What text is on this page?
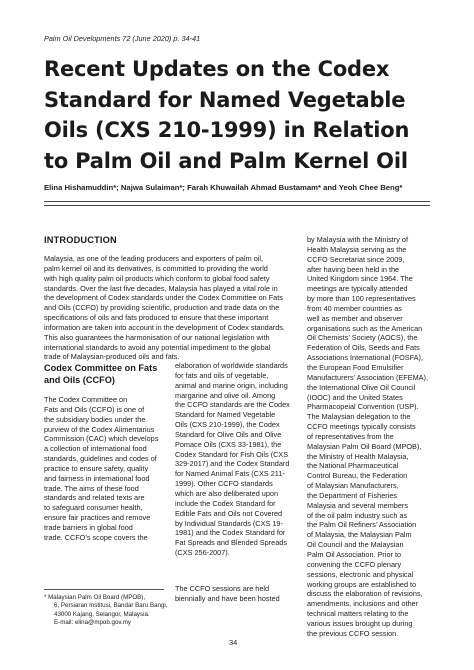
Palm Oil Developments 72 (June 2020) p. 34-41
Recent Updates on the Codex
Standard for Named Vegetable
Oils (CXS 210-1999) in Relation
to Palm Oil and Palm Kernel Oil
Elina Hishamuddin*; Najwa Sulaiman*; Farah Khuwailah Ahmad Bustamam* and Yeoh Chee Beng*
INTRODUCTION

Malaysia, as one of the leading producers and exporters of palm oil,
palm kernel oil and its derivatives, is committed to providing the world
with high quality palm oil products which conform to global food safety
standards. Over the last five decades, Malaysia has played a vital role in
the development of Codex standards under the Codex Committee on Fats
and Oils (CCFO) by providing scientific, production and trade data on the
specifications of oils and fats produced to ensure that these important
information are taken into account in the development of Codex standards.
This also guarantees the harmonisation of our national legislation with
international standards to avoid any potential impediment to the global
trade of Malaysian-produced oils and fats.

Codex Committee on Fats
and Oils (CCFO)

The Codex Committee on
Fats and Oils (CCFO) is one of
the subsidiary bodies under the
purview of the Codex Alimentarius
Commission (CAC) which develops
a collection of international food
standards, guidelines and codes of
practice to ensure safety, quality
and fairness in international food
trade. The aims of these food
standards and related texts are
to safeguard consumer health,
ensure fair practices and remove
trade barriers in global food
trade. CCFO’s scope covers the

elaboration of worldwide standards
for fats and oils of vegetable,
animal and marine origin, including
margarine and olive oil. Among
the CCFO standards are the Codex
Standard for Named Vegetable
Oils (CXS 210-1999), the Codex
Standard for Olive Oils and Olive
Pomace Oils (CXS 33-1981), the
Codex Standard for Fish Oils (CXS
329-2017) and the Codex Standard
for Named Animal Fats (CXS 211-
1999). Other CCFO standards
which are also deliberated upon
include the Codex Standard for
Edible Fats and Oils not Covered
by Individual Standards (CXS 19-
1981) and the Codex Standard for
Fat Spreads and Blended Spreads
(CXS 256-2007).

The CCFO sessions are held
biennially and have been hosted

by Malaysia with the Ministry of
Health Malaysia serving as the
CCFO Secretariat since 2009,
after having been held in the
United Kingdom since 1964. The
meetings are typically attended
by more than 100 representatives
from 40 member countries as
well as member and observer
organisations such as the American
Oil Chemists’ Society (AOCS), the
Federation of Oils, Seeds and Fats
Associations International (FOSFA),
the European Food Emulsifier
Manufacturers’ Association (EFEMA),
the International Olive Oil Council
(IOOC) and the United States
Pharmacopeial Convention (USP).
The Malaysian delegation to the
CCFO meetings typically consists
of representatives from the
Malaysian Palm Oil Board (MPOB),
the Ministry of Health Malaysia,
the National Pharmaceutical
Control Bureau, the Federation
of Malaysian Manufacturers,
the Department of Fisheries
Malaysia and several members
of the oil palm industry such as
the Palm Oil Refiners’ Association
of Malaysia, the Malaysian Palm
Oil Council and the Malaysian
Palm Oil Association. Prior to
convening the CCFO plenary
sessions, electronic and physical
working groups are established to
discuss the elaboration of revisions,
amendments, inclusions and other
technical matters relating to the
various issues brought up during
the previous CCFO session.

* Malaysian Palm Oil Board (MPOB),
6, Persiaran Institusi, Bandar Baru Bangi,
43000 Kajang, Selangor, Malaysia.
E-mail: elina@mpob.gov.my

34
